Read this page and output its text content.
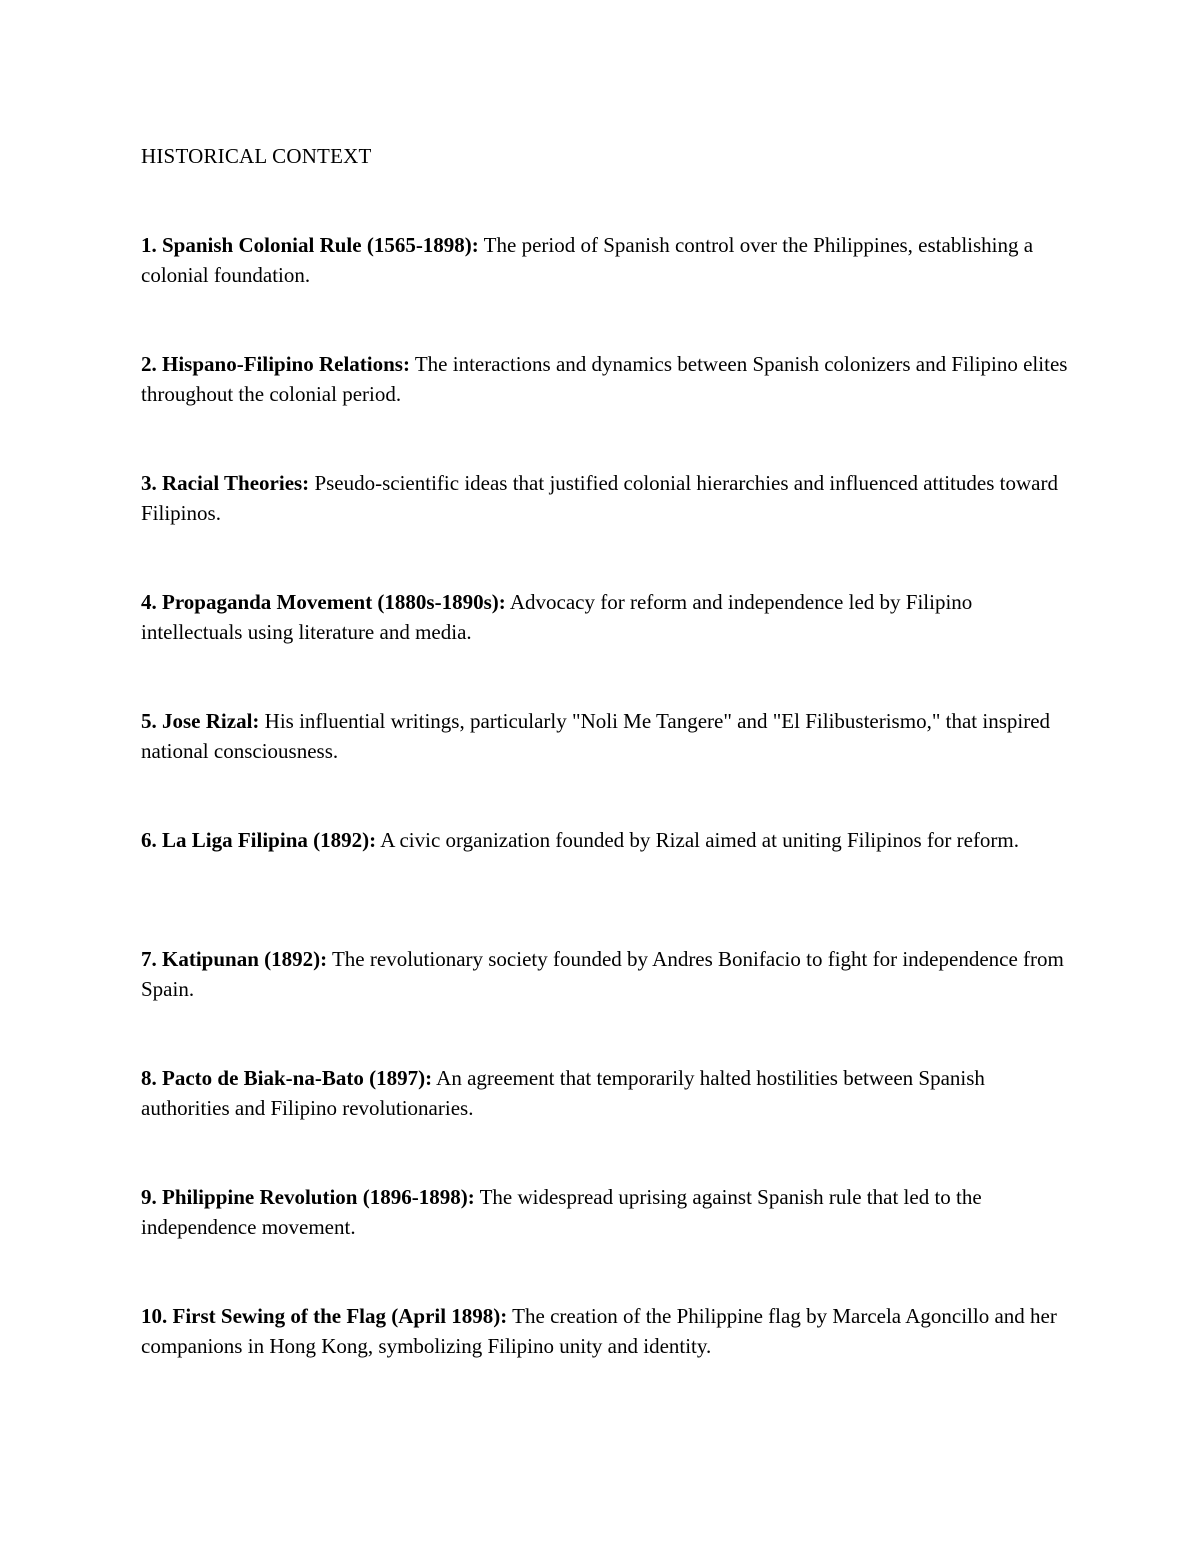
HISTORICAL CONTEXT
1. Spanish Colonial Rule (1565-1898): The period of Spanish control over the Philippines, establishing a colonial foundation.
2. Hispano-Filipino Relations: The interactions and dynamics between Spanish colonizers and Filipino elites throughout the colonial period.
3. Racial Theories: Pseudo-scientific ideas that justified colonial hierarchies and influenced attitudes toward Filipinos.
4. Propaganda Movement (1880s-1890s): Advocacy for reform and independence led by Filipino intellectuals using literature and media.
5. Jose Rizal: His influential writings, particularly "Noli Me Tangere" and "El Filibusterismo," that inspired national consciousness.
6. La Liga Filipina (1892): A civic organization founded by Rizal aimed at uniting Filipinos for reform.
7. Katipunan (1892): The revolutionary society founded by Andres Bonifacio to fight for independence from Spain.
8. Pacto de Biak-na-Bato (1897): An agreement that temporarily halted hostilities between Spanish authorities and Filipino revolutionaries.
9. Philippine Revolution (1896-1898): The widespread uprising against Spanish rule that led to the independence movement.
10. First Sewing of the Flag (April 1898): The creation of the Philippine flag by Marcela Agoncillo and her companions in Hong Kong, symbolizing Filipino unity and identity.
